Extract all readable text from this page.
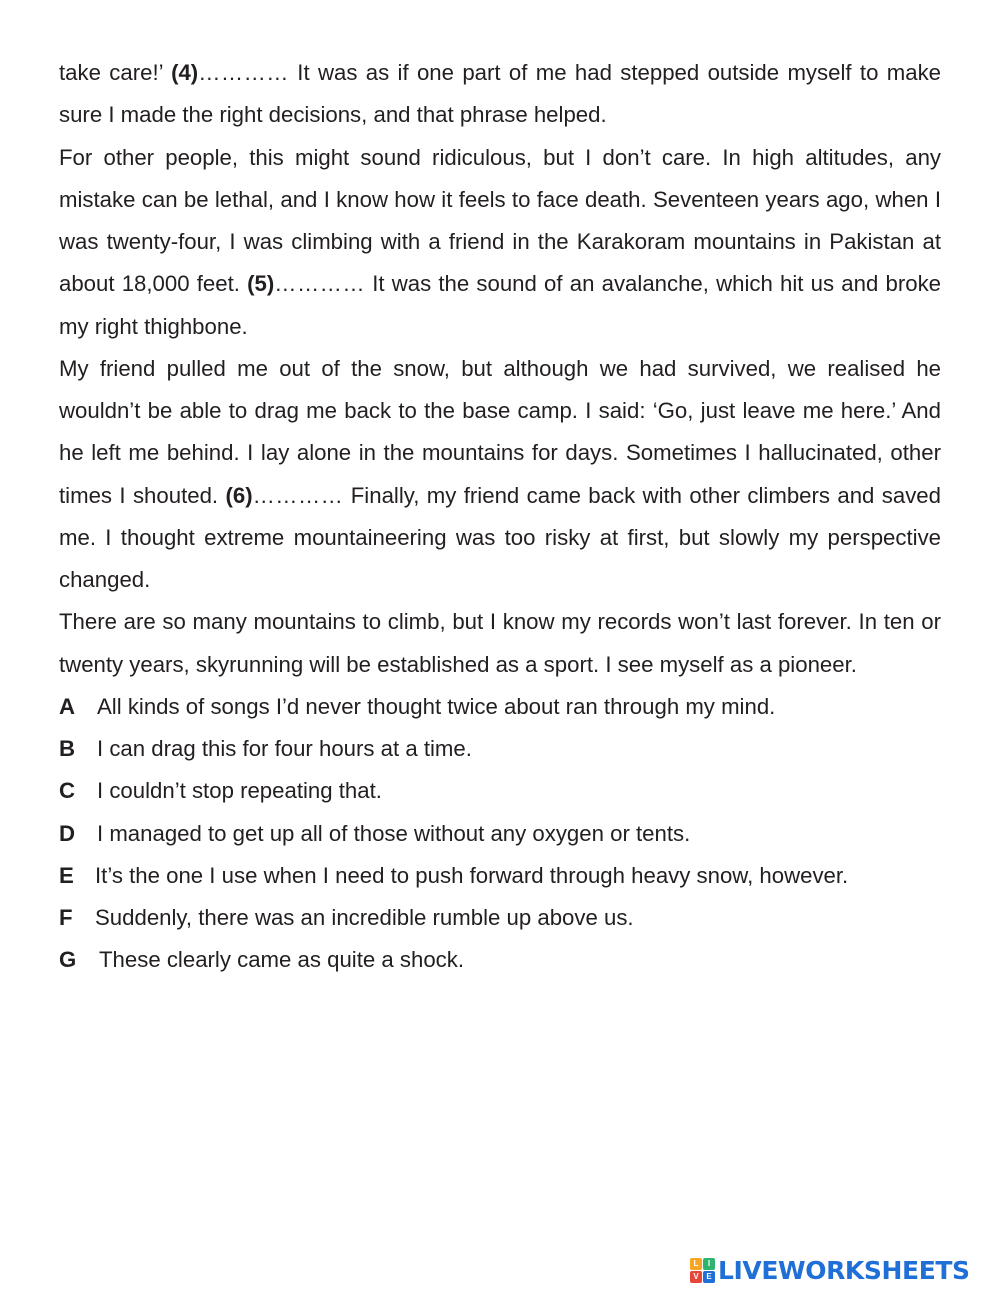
take care!’ (4)………… It was as if one part of me had stepped outside myself to make sure I made the right decisions, and that phrase helped.

For other people, this might sound ridiculous, but I don’t care. In high altitudes, any mistake can be lethal, and I know how it feels to face death. Seventeen years ago, when I was twenty-four, I was climbing with a friend in the Karakoram mountains in Pakistan at about 18,000 feet. (5)………… It was the sound of an avalanche, which hit us and broke my right thighbone.

My friend pulled me out of the snow, but although we had survived, we realised he wouldn’t be able to drag me back to the base camp. I said: ‘Go, just leave me here.’ And he left me behind. I lay alone in the mountains for days. Sometimes I hallucinated, other times I shouted. (6)………… Finally, my friend came back with other climbers and saved me. I thought extreme mountaineering was too risky at first, but slowly my perspective changed.

There are so many mountains to climb, but I know my records won’t last forever. In ten or twenty years, skyrunning will be established as a sport. I see myself as a pioneer.

A All kinds of songs I’d never thought twice about ran through my mind.

B I can drag this for four hours at a time.

C I couldn’t stop repeating that.

D I managed to get up all of those without any oxygen or tents.

E It’s the one I use when I need to push forward through heavy snow, however.

F	Suddenly, there was an incredible rumble up above us.

G	These clearly came as quite a shock.

L	I
V E LIVEWORKSHEETS
